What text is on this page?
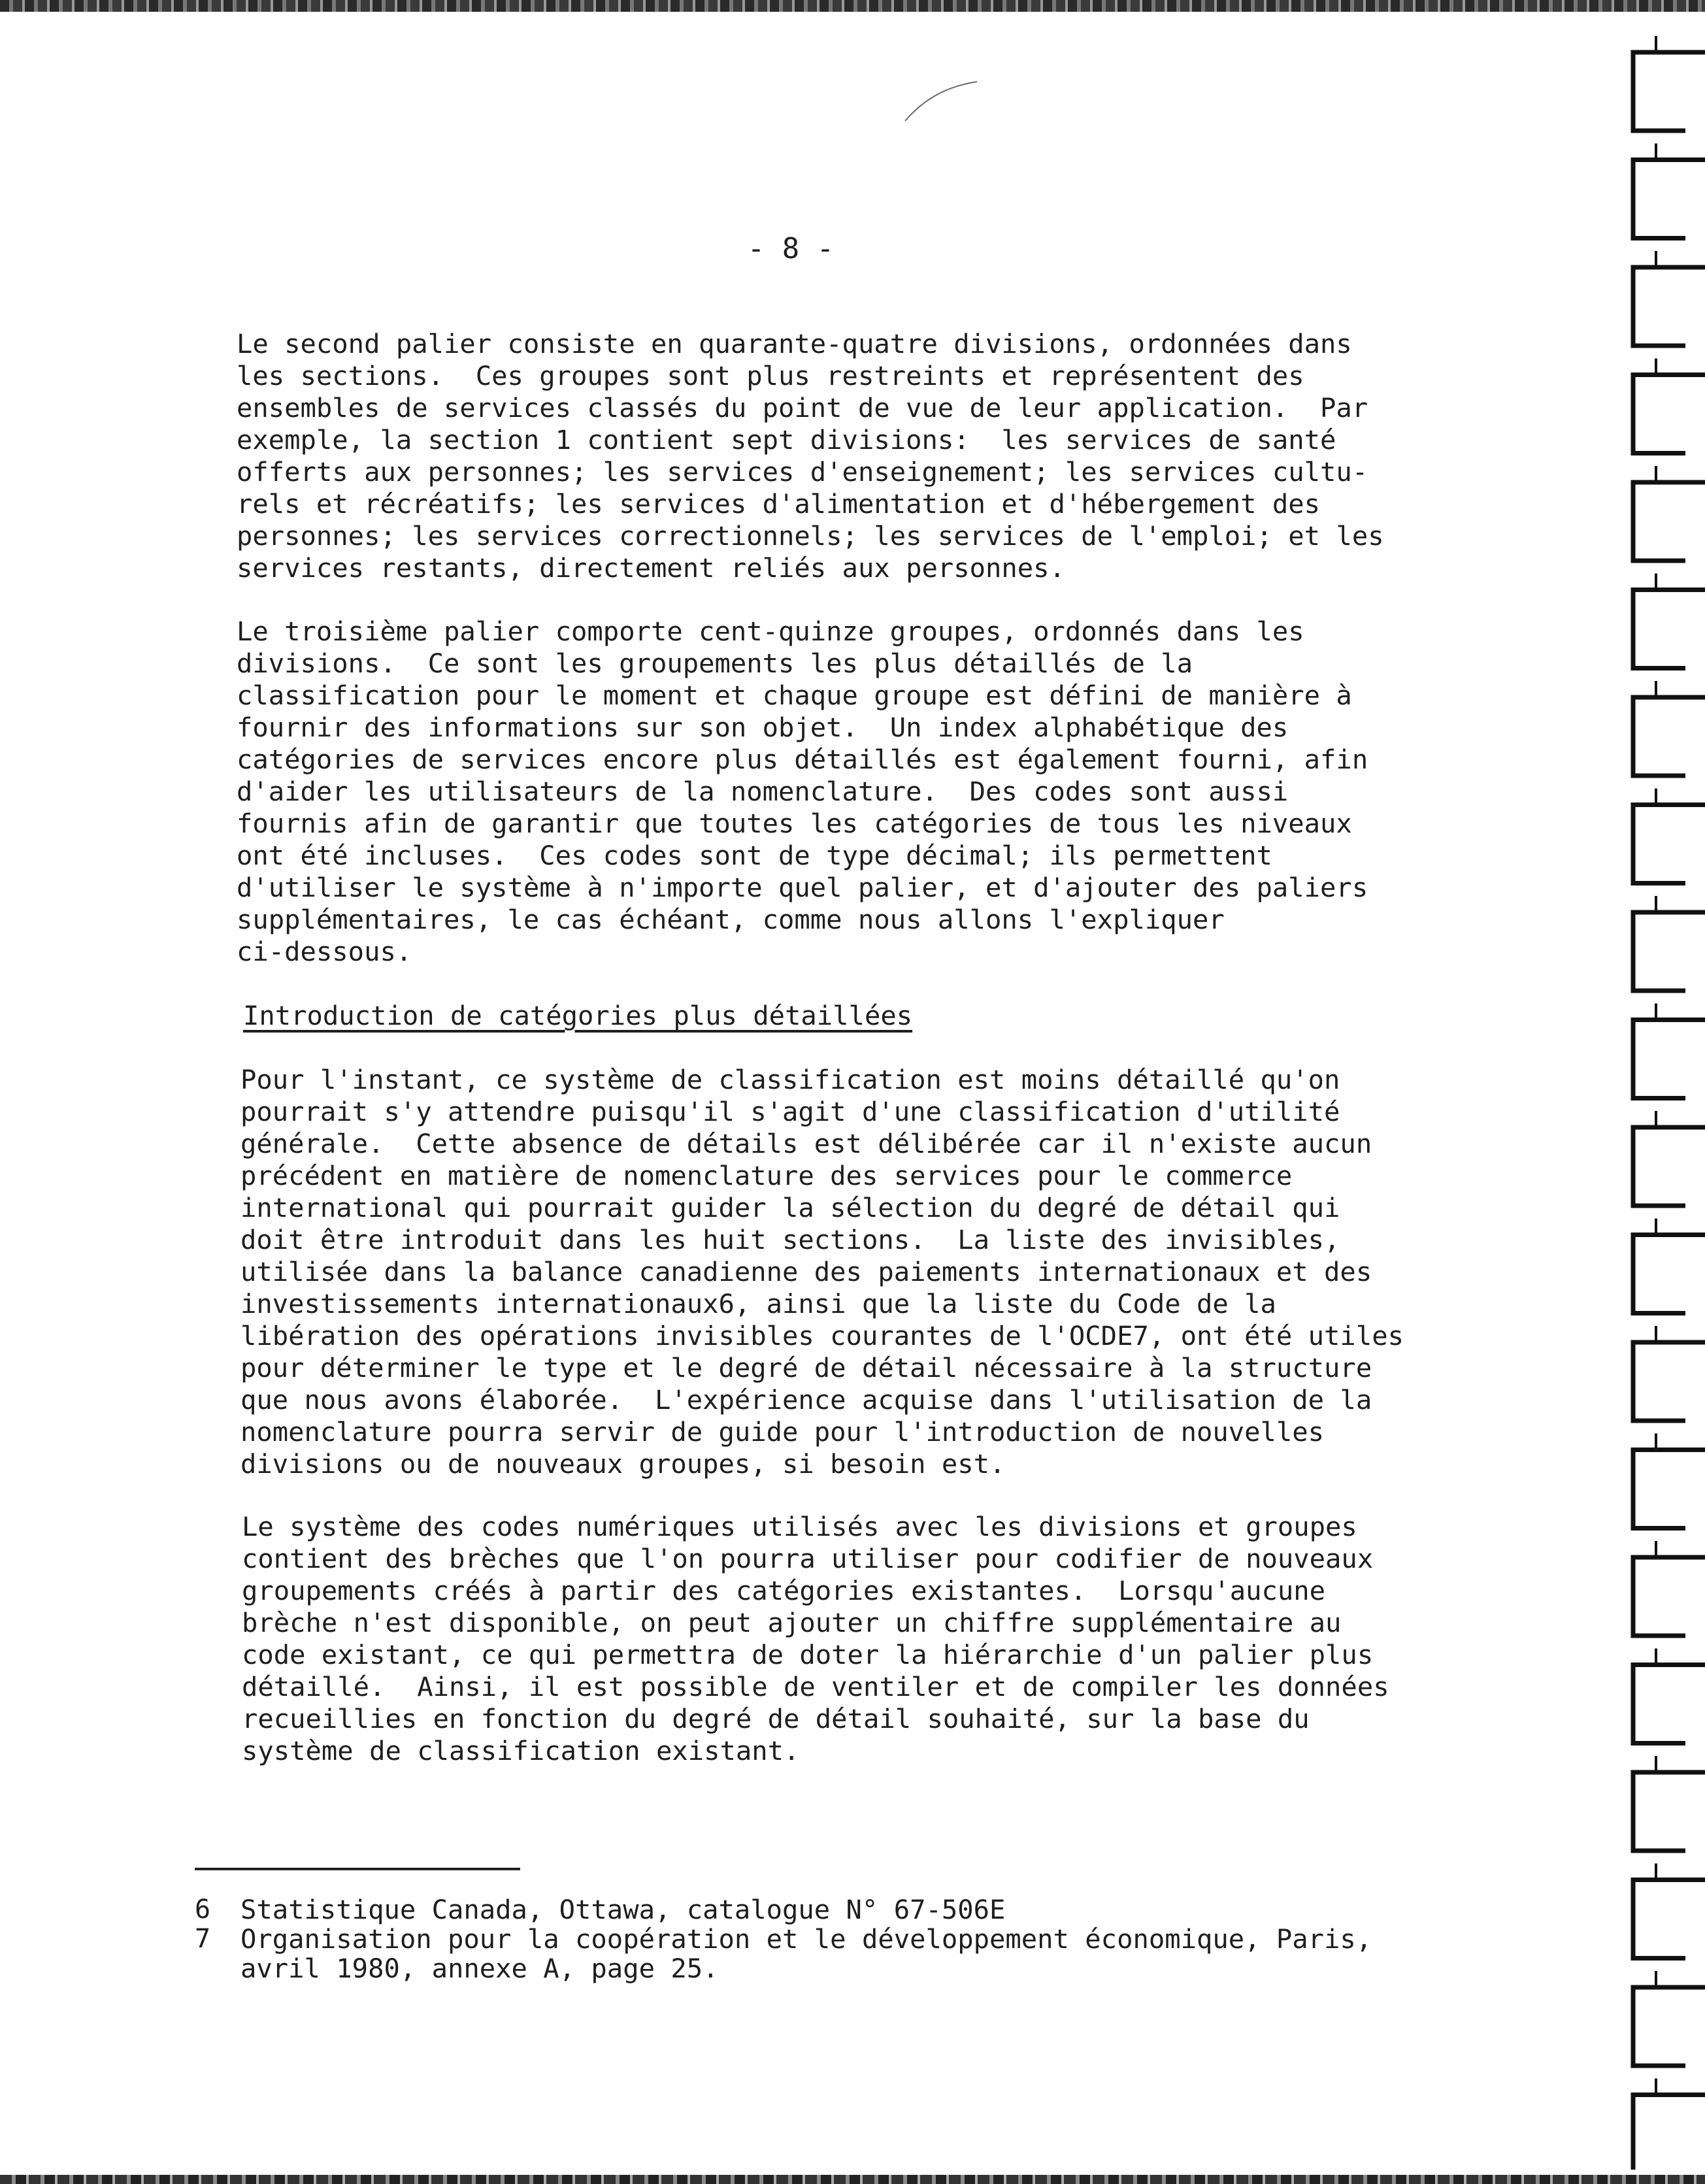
- 8 -
Le second palier consiste en quarante-quatre divisions, ordonnées dans
les sections.  Ces groupes sont plus restreints et représentent des
ensembles de services classés du point de vue de leur application.  Par
exemple, la section 1 contient sept divisions:  les services de santé
offerts aux personnes; les services d'enseignement; les services cultu-
rels et récréatifs; les services d'alimentation et d'hébergement des
personnes; les services correctionnels; les services de l'emploi; et les
services restants, directement reliés aux personnes.
Le troisième palier comporte cent-quinze groupes, ordonnés dans les
divisions.  Ce sont les groupements les plus détaillés de la
classification pour le moment et chaque groupe est défini de manière à
fournir des informations sur son objet.  Un index alphabétique des
catégories de services encore plus détaillés est également fourni, afin
d'aider les utilisateurs de la nomenclature.  Des codes sont aussi
fournis afin de garantir que toutes les catégories de tous les niveaux
ont été incluses.  Ces codes sont de type décimal; ils permettent
d'utiliser le système à n'importe quel palier, et d'ajouter des paliers
supplémentaires, le cas échéant, comme nous allons l'expliquer
ci-dessous.
Introduction de catégories plus détaillées
Pour l'instant, ce système de classification est moins détaillé qu'on
pourrait s'y attendre puisqu'il s'agit d'une classification d'utilité
générale.  Cette absence de détails est délibérée car il n'existe aucun
précédent en matière de nomenclature des services pour le commerce
international qui pourrait guider la sélection du degré de détail qui
doit être introduit dans les huit sections.  La liste des invisibles,
utilisée dans la balance canadienne des paiements internationaux et des
investissements internationaux6, ainsi que la liste du Code de la
libération des opérations invisibles courantes de l'OCDE7, ont été utiles
pour déterminer le type et le degré de détail nécessaire à la structure
que nous avons élaborée.  L'expérience acquise dans l'utilisation de la
nomenclature pourra servir de guide pour l'introduction de nouvelles
divisions ou de nouveaux groupes, si besoin est.
Le système des codes numériques utilisés avec les divisions et groupes
contient des brèches que l'on pourra utiliser pour codifier de nouveaux
groupements créés à partir des catégories existantes.  Lorsqu'aucune
brèche n'est disponible, on peut ajouter un chiffre supplémentaire au
code existant, ce qui permettra de doter la hiérarchie d'un palier plus
détaillé.  Ainsi, il est possible de ventiler et de compiler les données
recueillies en fonction du degré de détail souhaité, sur la base du
système de classification existant.
6	Statistique Canada, Ottawa, catalogue N° 67-506E
7	Organisation pour la coopération et le développement économique, Paris,
avril 1980, annexe A, page 25.
